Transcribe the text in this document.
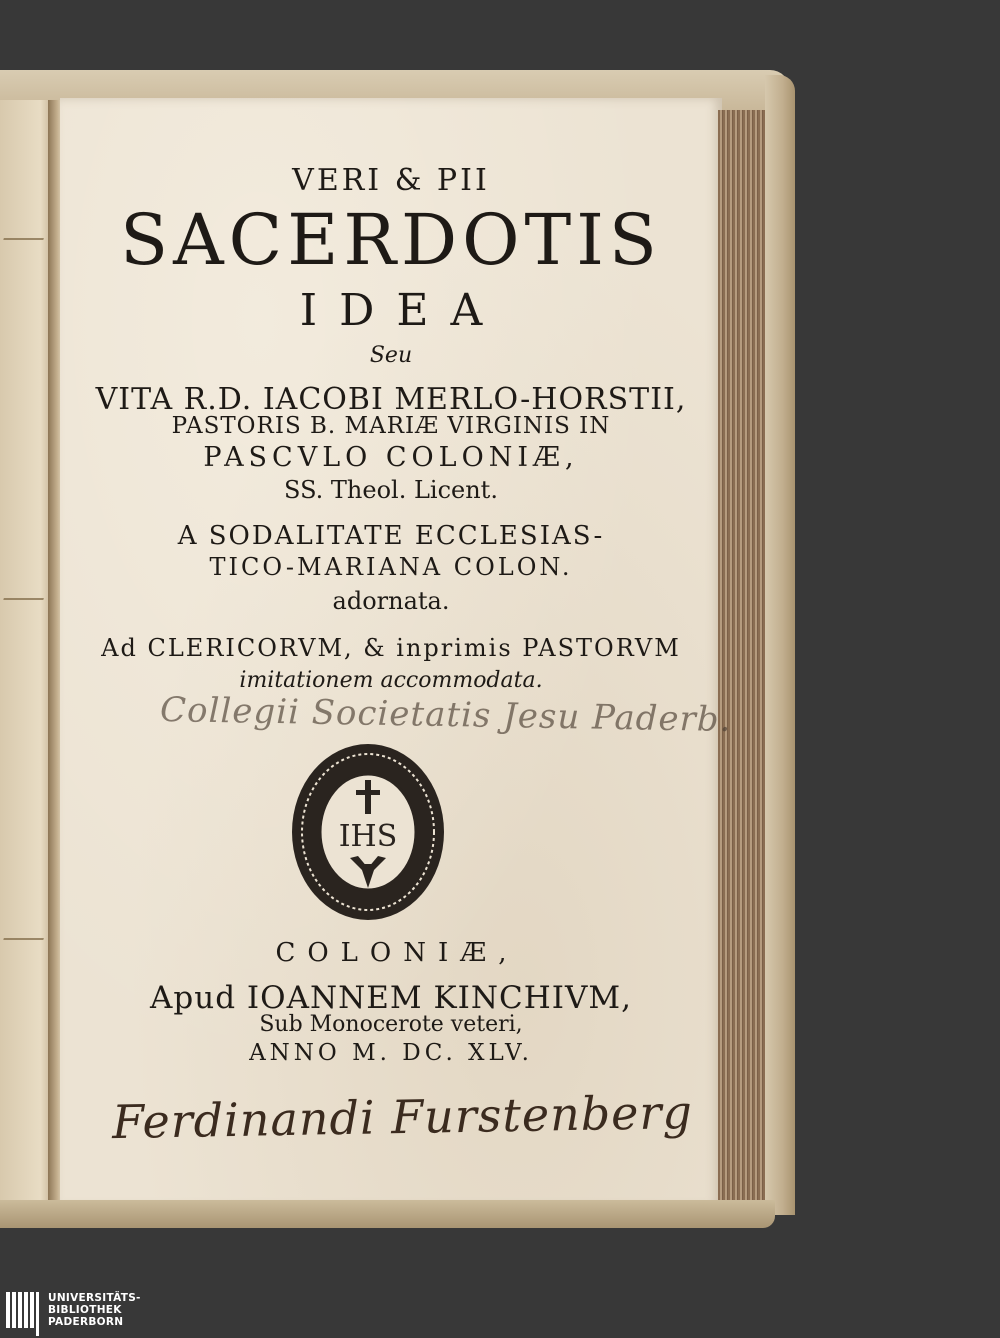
VERI & PII
SACERDOTIS
IDEA
Seu
VITA R.D. IACOBI MERLO-HORSTII,
PASTORIS B. MARIÆ VIRGINIS IN
PASCVLO COLONIÆ,
SS. Theol. Licent.
A SODALITATE ECCLESIAS-
TICO-MARIANA COLON.
adornata.
Ad CLERICORVM, & inprimis PASTORVM
imitationem accommodata.
Collegii Societatis Jesu Paderb.
IHS
COLONIÆ,
Apud IOANNEM KINCHIVM,
Sub Monocerote veteri,
ANNO M. DC. XLV.
Ferdinandi Furstenberg
UNIVERSITÄTS-
BIBLIOTHEK
PADERBORN
